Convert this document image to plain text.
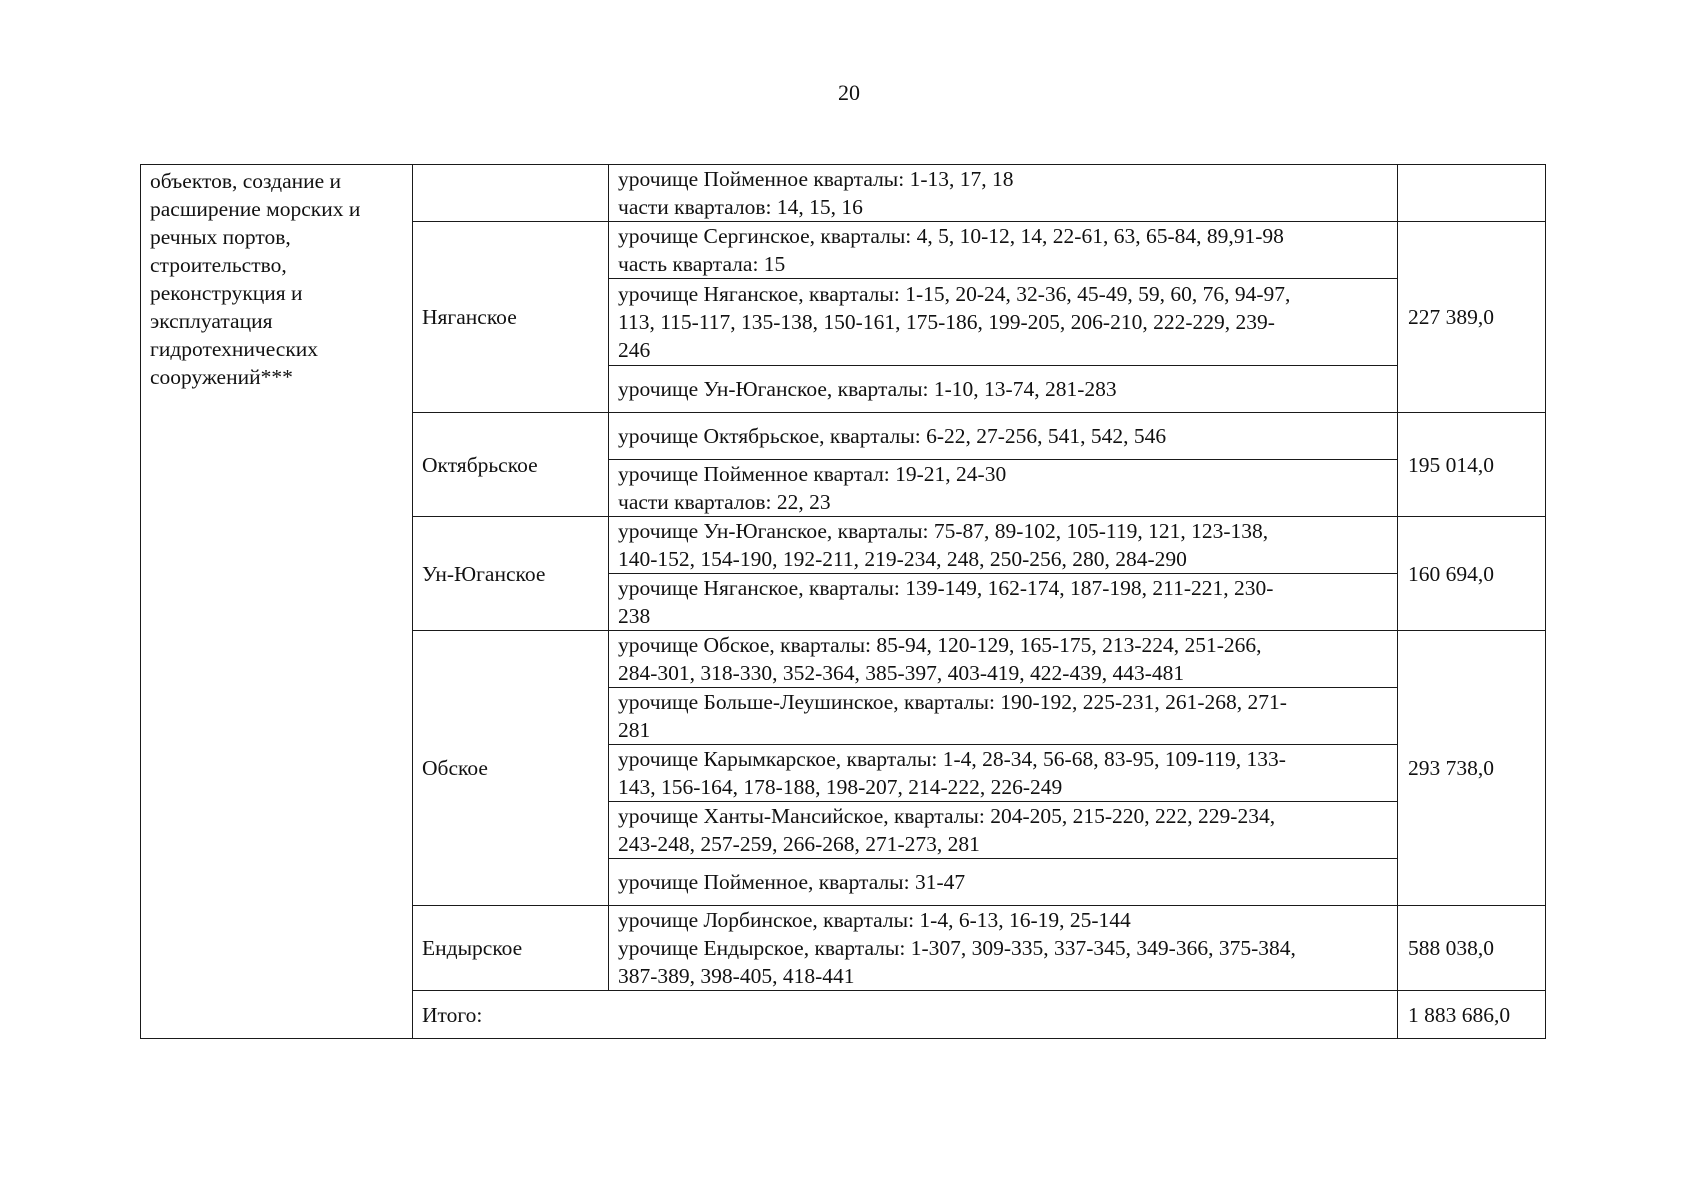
20
объектов, создание и расширение морских и речных портов, строительство, реконструкция и эксплуатация гидротехнических сооружений***		урочище Пойменное кварталы: 1-13, 17, 18
части кварталов: 14, 15, 16	

	Няганское	урочище Сергинское, кварталы: 4, 5, 10-12, 14, 22-61, 63, 65-84, 89,91-98
часть квартала: 15	227 389,0

		урочище Няганское, кварталы: 1-15, 20-24, 32-36, 45-49, 59, 60, 76, 94-97,
113, 115-117, 135-138, 150-161, 175-186, 199-205, 206-210, 222-229, 239-
246	

		урочище Ун-Юганское, кварталы: 1-10, 13-74, 281-283	

	Октябрьское	урочище Октябрьское, кварталы: 6-22, 27-256, 541, 542, 546	195 014,0

		урочище Пойменное квартал: 19-21, 24-30
части кварталов: 22, 23	

	Ун-Юганское	урочище Ун-Юганское, кварталы: 75-87, 89-102, 105-119, 121, 123-138,
140-152, 154-190, 192-211, 219-234, 248, 250-256, 280, 284-290	160 694,0

		урочище Няганское, кварталы: 139-149, 162-174, 187-198, 211-221, 230-
238	

	Обское	урочище Обское, кварталы: 85-94, 120-129, 165-175, 213-224, 251-266,
284-301, 318-330, 352-364, 385-397, 403-419, 422-439, 443-481	293 738,0

		урочище Больше-Леушинское, кварталы: 190-192, 225-231, 261-268, 271-
281	

		урочище Карымкарское, кварталы: 1-4, 28-34, 56-68, 83-95, 109-119, 133-
143, 156-164, 178-188, 198-207, 214-222, 226-249	

		урочище Ханты-Мансийское, кварталы: 204-205, 215-220, 222, 229-234,
243-248, 257-259, 266-268, 271-273, 281	

		урочище Пойменное, кварталы: 31-47	

	Ендырское	урочище Лорбинское, кварталы: 1-4, 6-13, 16-19, 25-144
урочище Ендырское, кварталы: 1-307, 309-335, 337-345, 349-366, 375-384,
387-389, 398-405, 418-441	588 038,0
	Итого:		1 883 686,0
